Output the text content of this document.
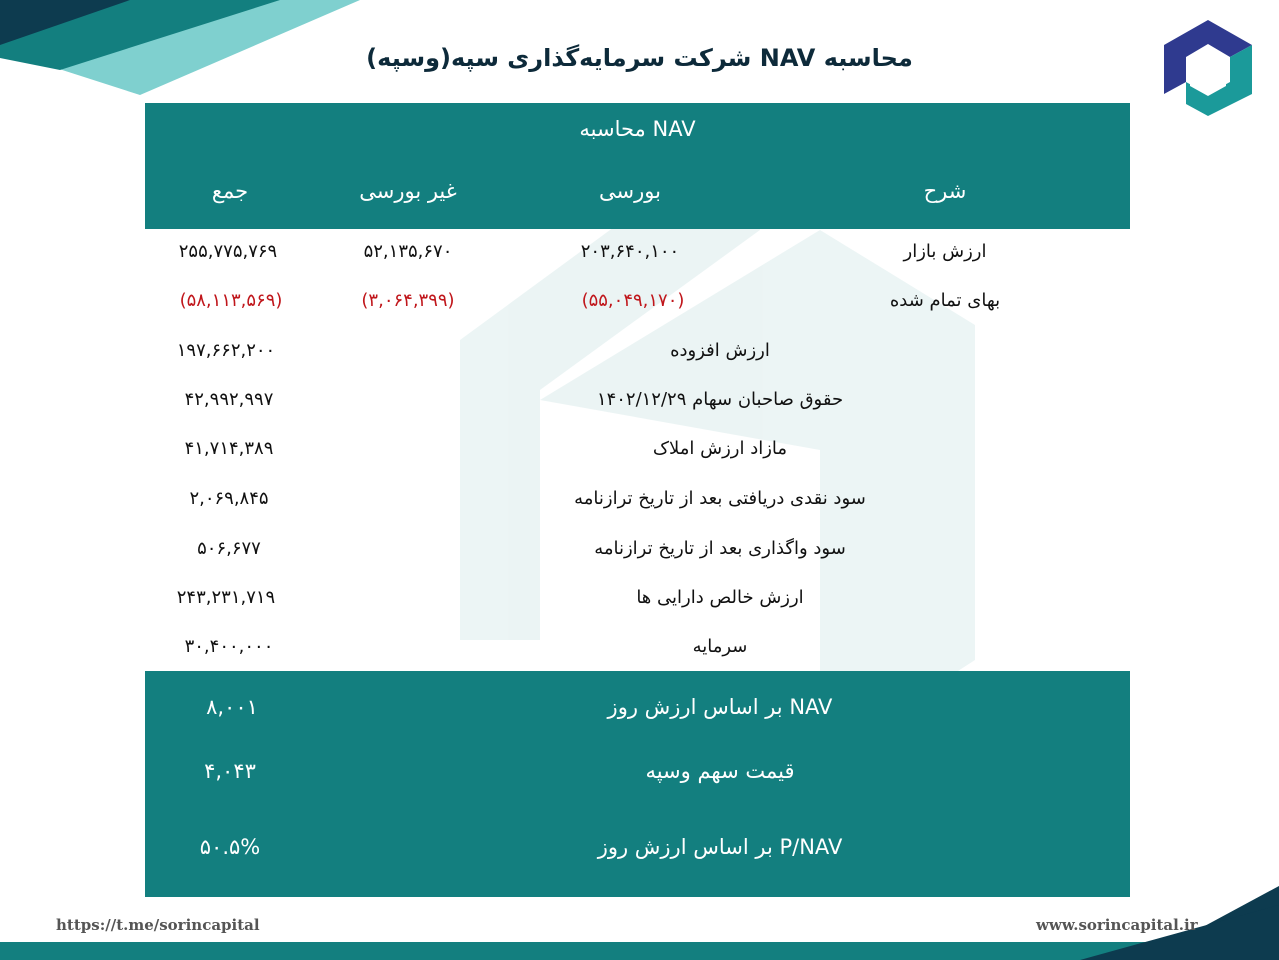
محاسبه NAV شرکت سرمایه‌گذاری سپه(وسپه)
محاسبه NAV
شرح
بورسی
غیر بورسی
جمع
ارزش بازار
۲۰۳,۶۴۰,۱۰۰
۵۲,۱۳۵,۶۷۰
۲۵۵,۷۷۵,۷۶۹
بهای تمام شده
(۵۵,۰۴۹,۱۷۰)
(۳,۰۶۴,۳۹۹)
(۵۸,۱۱۳,۵۶۹)
ارزش افزوده
۱۹۷,۶۶۲,۲۰۰
حقوق صاحبان سهام ۱۴۰۲/۱۲/۲۹
۴۲,۹۹۲,۹۹۷
مازاد ارزش املاک
۴۱,۷۱۴,۳۸۹
سود نقدی دریافتی بعد از تاریخ ترازنامه
۲,۰۶۹,۸۴۵
سود واگذاری بعد از تاریخ ترازنامه
۵۰۶,۶۷۷
ارزش خالص دارایی ها
۲۴۳,۲۳۱,۷۱۹
سرمایه
۳۰,۴۰۰,۰۰۰
NAV بر اساس ارزش روز
۸,۰۰۱
قیمت سهم وسپه
۴,۰۴۳
P/NAV بر اساس ارزش روز
۵۰.۵%
https://t.me/sorincapital	www.sorincapital.ir
